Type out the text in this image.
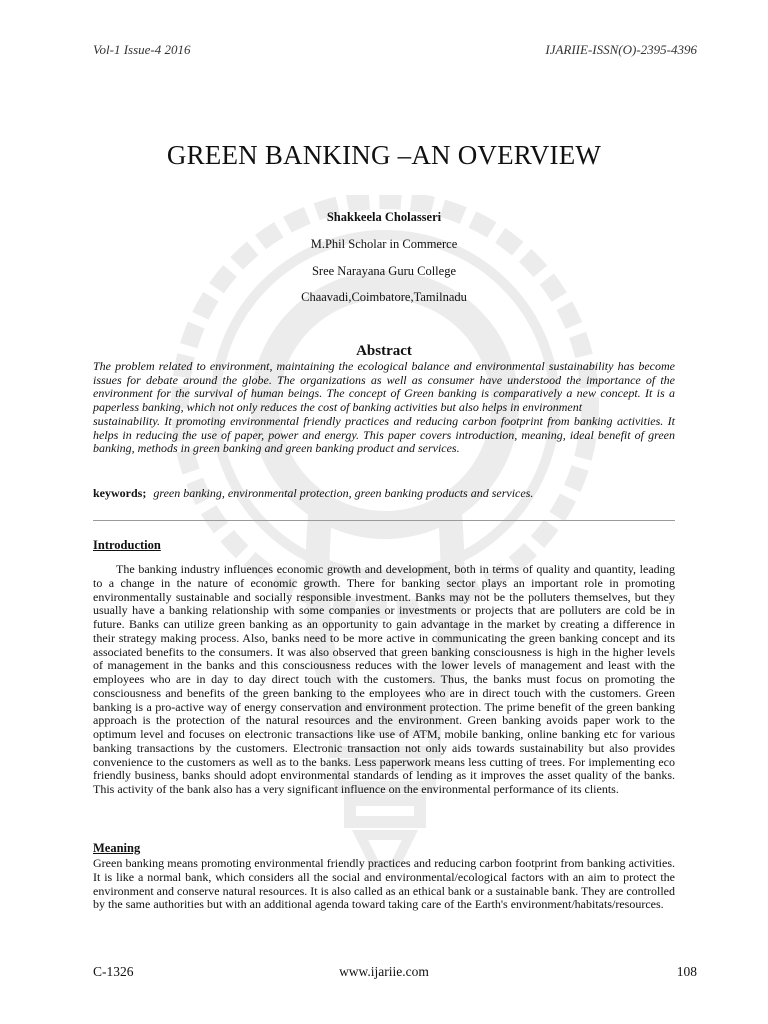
Vol-1 Issue-4 2016	IJARIIE-ISSN(O)-2395-4396
GREEN BANKING –AN OVERVIEW
Shakkeela Cholasseri
M.Phil Scholar in Commerce
Sree Narayana Guru College
Chaavadi,Coimbatore,Tamilnadu
Abstract

The problem related to environment, maintaining the ecological balance and environmental sustainability has become issues for debate around the globe. The organizations as well as consumer have understood the importance of the environment for the survival of human beings. The concept of Green banking is comparatively a new concept. It is a paperless banking, which not only reduces the cost of banking activities but also helps in environment

sustainability. It promoting environmental friendly practices and reducing carbon footprint from banking activities. It helps in reducing the use of paper, power and energy. This paper covers introduction, meaning, ideal benefit of green banking, methods in green banking and green banking product and services.

keywords; green banking, environmental protection, green banking products and services.
Introduction

The banking industry influences economic growth and development, both in terms of quality and quantity, leading to a change in the nature of economic growth. There for banking sector plays an important role in promoting environmentally sustainable and socially responsible investment. Banks may not be the polluters themselves, but they usually have a banking relationship with some companies or investments or projects that are polluters are cold be in future. Banks can utilize green banking as an opportunity to gain advantage in the market by creating a difference in their strategy making process. Also, banks need to be more active in communicating the green banking concept and its associated benefits to the consumers. It was also observed that green banking consciousness is high in the higher levels of management in the banks and this consciousness reduces with the lower levels of management and least with the employees who are in day to day direct touch with the customers. Thus, the banks must focus on promoting the consciousness and benefits of the green banking to the employees who are in direct touch with the customers. Green banking is a pro-active way of energy conservation and environment protection. The prime benefit of the green banking approach is the protection of the natural resources and the environment. Green banking avoids paper work to the optimum level and focuses on electronic transactions like use of ATM, mobile banking, online banking etc for various banking transactions by the customers. Electronic transaction not only aids towards sustainability but also provides convenience to the customers as well as to the banks. Less paperwork means less cutting of trees. For implementing eco friendly business, banks should adopt environmental standards of lending as it improves the asset quality of the banks. This activity of the bank also has a very significant influence on the environmental performance of its clients.

Meaning

Green banking means promoting environmental friendly practices and reducing carbon footprint from banking activities. It is like a normal bank, which considers all the social and environmental/ecological factors with an aim to protect the environment and conserve natural resources. It is also called as an ethical bank or a sustainable bank. They are controlled by the same authorities but with an additional agenda toward taking care of the Earth's environment/habitats/resources.

C-1326	www.ijariie.com	108
